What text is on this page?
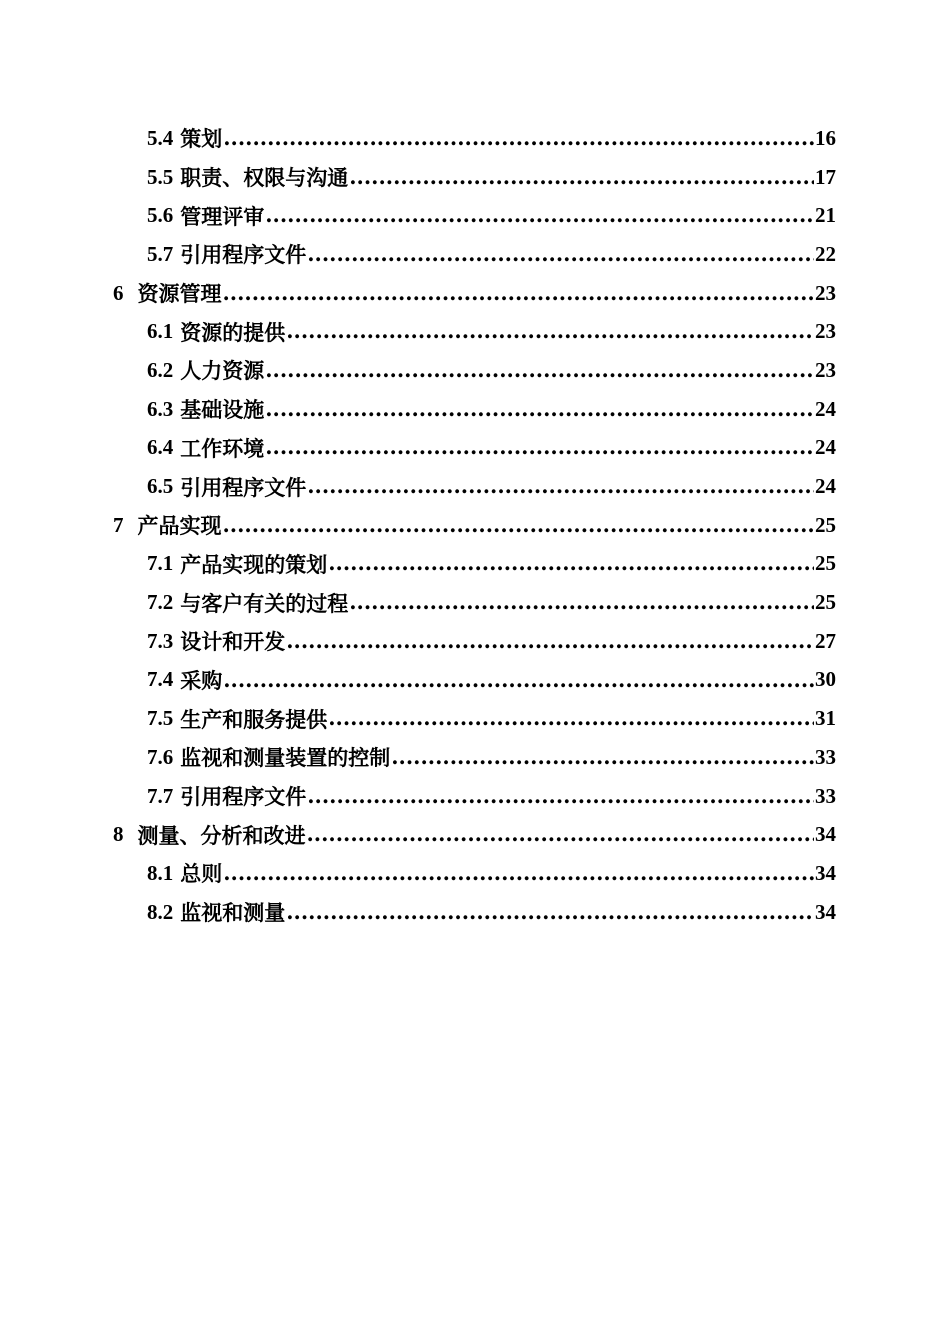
5.4 策划 .....	16
5.5 职责、权限与沟通 .....	17
5.6 管理评审 .....	21
5.7 引用程序文件 .....	22
6 资源管理 .....	23
6.1 资源的提供 .....	23
6.2 人力资源 .....	23
6.3 基础设施 .....	24
6.4 工作环境 .....	24
6.5 引用程序文件 .....	24
7 产品实现 .....	25
7.1 产品实现的策划 .....	25
7.2 与客户有关的过程 .....	25
7.3 设计和开发 .....	27
7.4 采购 .....	30
7.5 生产和服务提供 .....	31
7.6 监视和测量装置的控制 .....	33
7.7 引用程序文件 .....	33
8 测量、分析和改进 .....	34
8.1 总则 .....	34
8.2 监视和测量 .....	34
